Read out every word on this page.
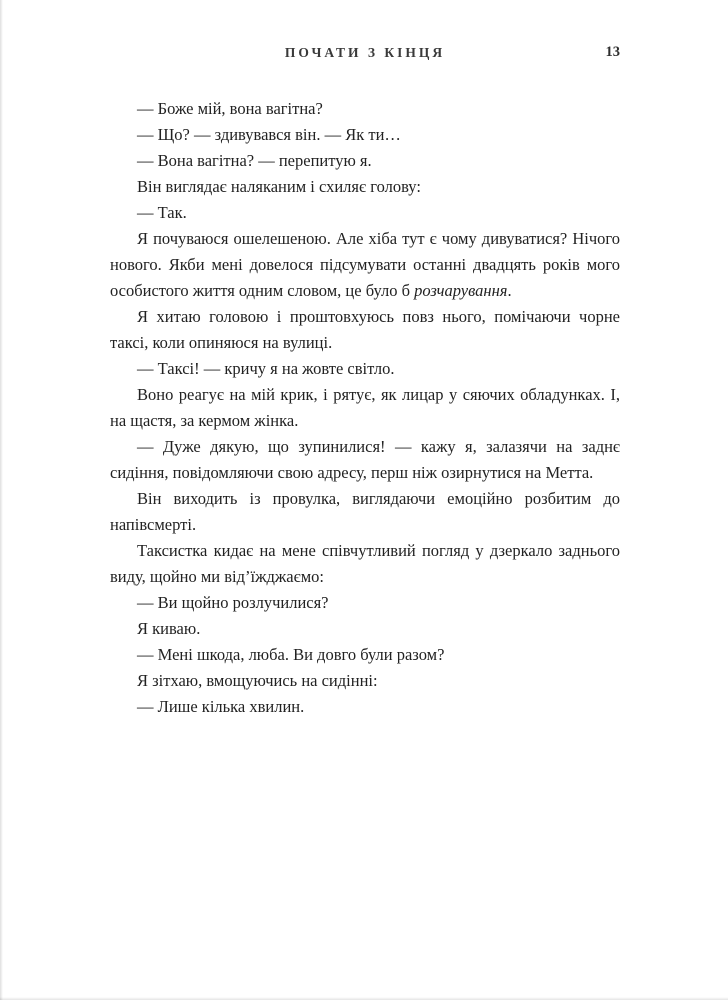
ПОЧАТИ З КІНЦЯ	13

— Боже мій, вона вагітна?

— Що? — здивувався він. — Як ти…

— Вона вагітна? — перепитую я.

Він виглядає наляканим і схиляє голову:

— Так.

Я почуваюся ошелешеною. Але хіба тут є чому дивуватися? Нічого нового. Якби мені довелося підсумувати останні двадцять років мого особистого життя одним словом, це було б розчарування.

Я хитаю головою і проштовхуюсь повз нього, помічаючи чорне таксі, коли опиняюся на вулиці.

— Таксі! — кричу я на жовте світло.

Воно реагує на мій крик, і рятує, як лицар у сяючих обладунках. І, на щастя, за кермом жінка.

— Дуже дякую, що зупинилися! — кажу я, залазячи на заднє сидіння, повідомляючи свою адресу, перш ніж озирнутися на Метта.

Він виходить із провулка, виглядаючи емоційно розбитим до напівсмерті.

Таксистка кидає на мене співчутливий погляд у дзеркало заднього виду, щойно ми від’їжджаємо:

— Ви щойно розлучилися?

Я киваю.

— Мені шкода, люба. Ви довго були разом?

Я зітхаю, вмощуючись на сидінні:

— Лише кілька хвилин.
